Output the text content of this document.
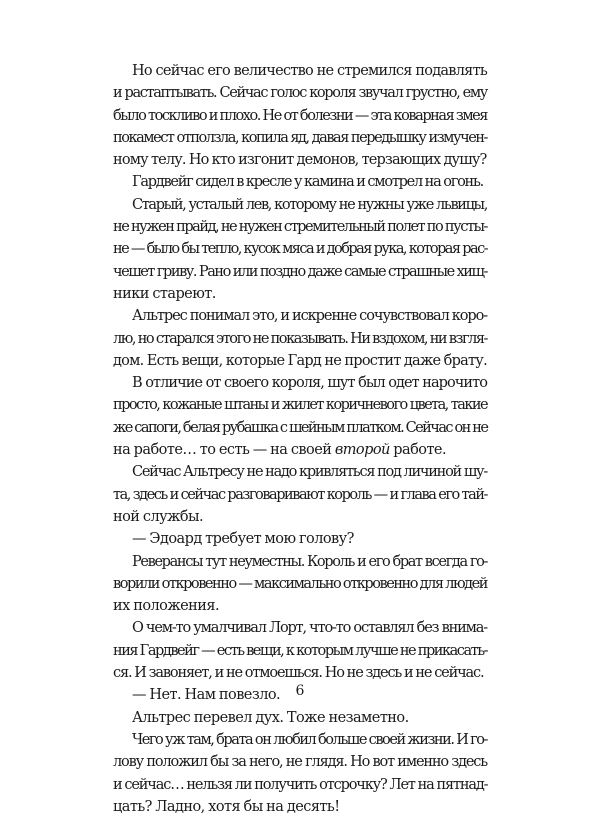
Но сейчас его величество не стремился подавлять
и растаптывать. Сейчас голос короля звучал грустно, ему
было тоскливо и плохо. Не от болезни — эта коварная змея
покамест отползла, копила яд, давая передышку измучен-
ному телу. Но кто изгонит демонов, терзающих душу?
Гардвейг сидел в кресле у камина и смотрел на огонь.
Старый, усталый лев, которому не нужны уже львицы,
не нужен прайд, не нужен стремительный полет по пусты-
не — было бы тепло, кусок мяса и добрая рука, которая рас-
чешет гриву. Рано или поздно даже самые страшные хищ-
ники стареют.
Альтрес понимал это, и искренне сочувствовал коро-
лю, но старался этого не показывать. Ни вздохом, ни взгля-
дом. Есть вещи, которые Гард не простит даже брату.
В отличие от своего короля, шут был одет нарочито
просто, кожаные штаны и жилет коричневого цвета, такие
же сапоги, белая рубашка с шейным платком. Сейчас он не
на работе… то есть — на своей второй работе.
Сейчас Альтресу не надо кривляться под личиной шу-
та, здесь и сейчас разговаривают король — и глава его тай-
ной службы.
— Эдоард требует мою голову?
Реверансы тут неуместны. Король и его брат всегда го-
ворили откровенно — максимально откровенно для людей
их положения.
О чем-то умалчивал Лорт, что-то оставлял без внима-
ния Гардвейг — есть вещи, к которым лучше не прикасать-
ся. И завоняет, и не отмоешься. Но не здесь и не сейчас.
— Нет. Нам повезло.
Альтрес перевел дух. Тоже незаметно.
Чего уж там, брата он любил больше своей жизни. И го-
лову положил бы за него, не глядя. Но вот именно здесь
и сейчас… нельзя ли получить отсрочку? Лет на пятнад-
цать? Ладно, хотя бы на десять!
6
